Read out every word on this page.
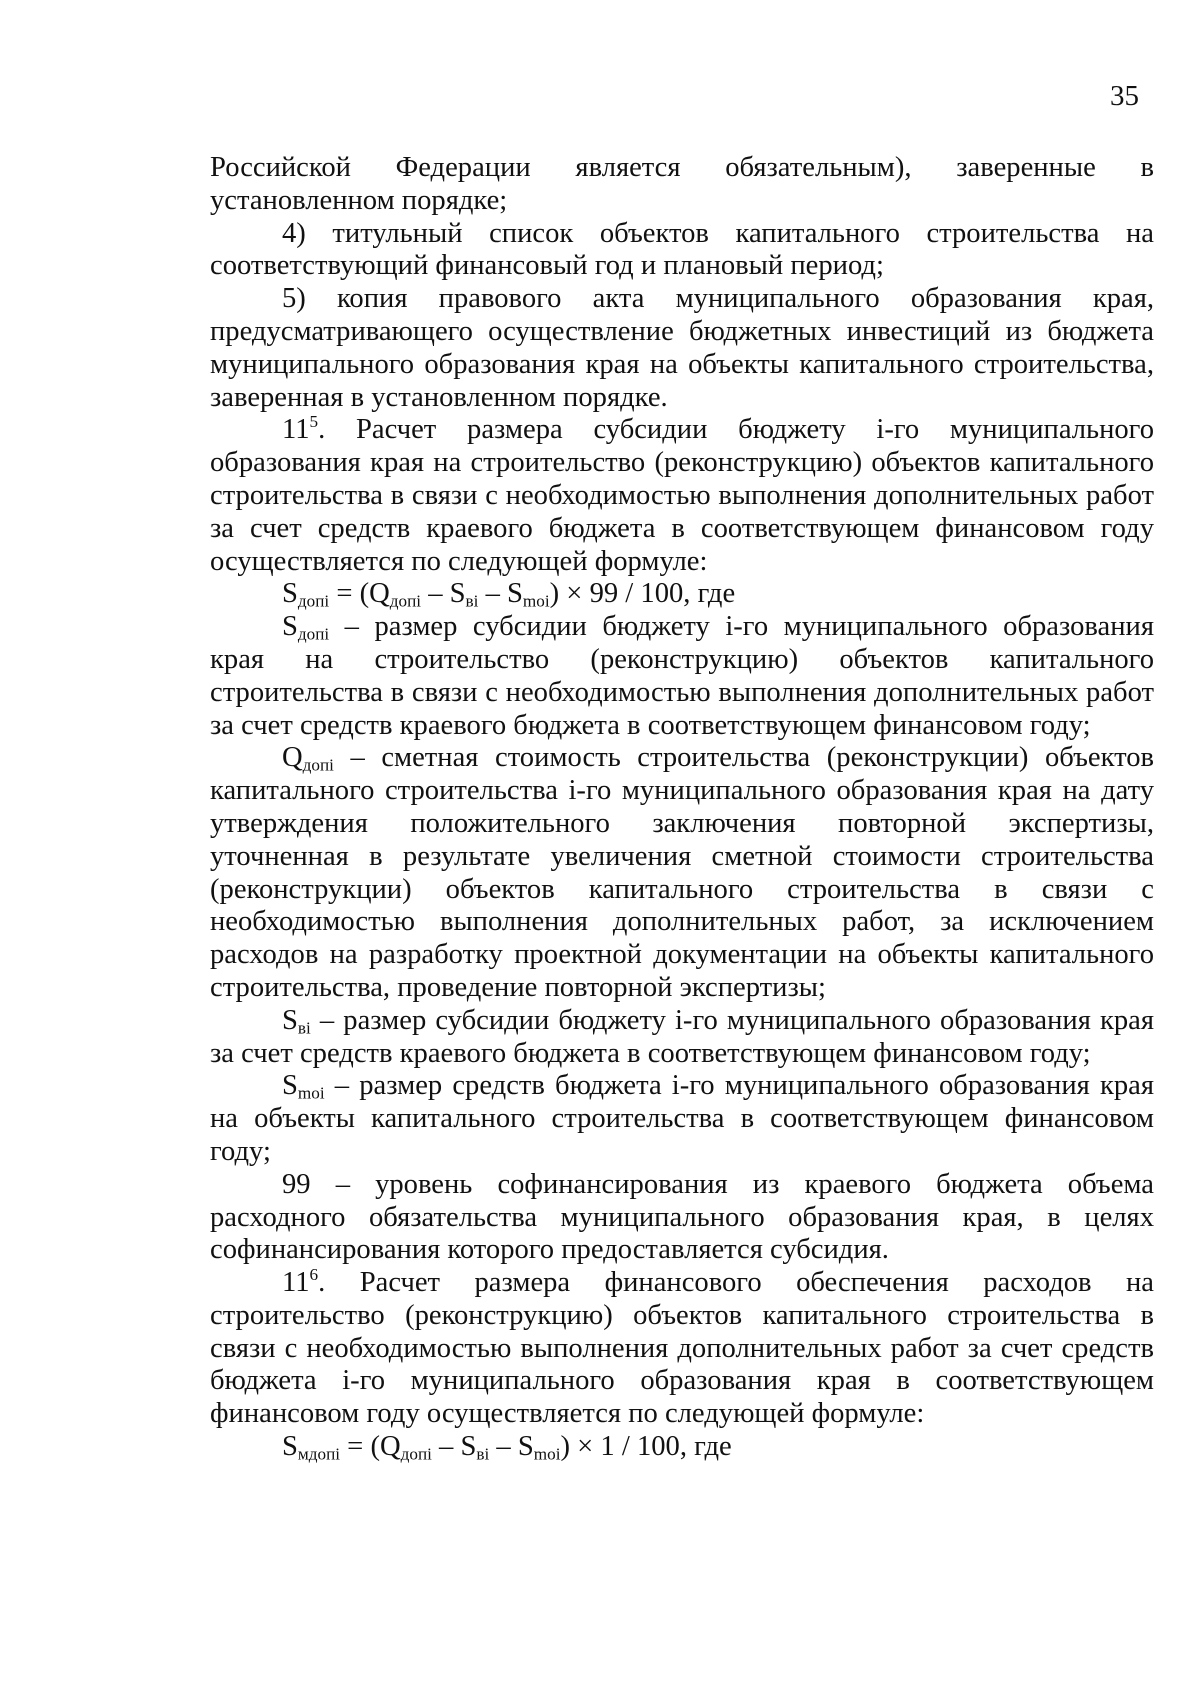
35

Российской Федерации является обязательным), заверенные в установленном порядке;

4) титульный список объектов капитального строительства на соответствующий финансовый год и плановый период;

5) копия правового акта муниципального образования края, предусматривающего осуществление бюджетных инвестиций из бюджета муниципального образования края на объекты капитального строительства, заверенная в установленном порядке.

$11^5$. Расчет размера субсидии бюджету i-го муниципального образования края на строительство (реконструкцию) объектов капитального строительства в связи с необходимостью выполнения дополнительных работ за счет средств краевого бюджета в соответствующем финансовом году осуществляется по следующей формуле:

$S_{допi} = (Q_{допi} - S_{вi} - S_{moi}) \times 99 / 100$, где

$S_{допi}$ – размер субсидии бюджету i-го муниципального образования края на строительство (реконструкцию) объектов капитального строительства в связи с необходимостью выполнения дополнительных работ за счет средств краевого бюджета в соответствующем финансовом году;

$Q_{допi}$ – сметная стоимость строительства (реконструкции) объектов капитального строительства i-го муниципального образования края на дату утверждения положительного заключения повторной экспертизы, уточненная в результате увеличения сметной стоимости строительства (реконструкции) объектов капитального строительства в связи с необходимостью выполнения дополнительных работ, за исключением расходов на разработку проектной документации на объекты капитального строительства, проведение повторной экспертизы;

$S_{вi}$ – размер субсидии бюджету i-го муниципального образования края за счет средств краевого бюджета в соответствующем финансовом году;

$S_{moi}$ – размер средств бюджета i-го муниципального образования края на объекты капитального строительства в соответствующем финансовом году;

99 – уровень софинансирования из краевого бюджета объема расходного обязательства муниципального образования края, в целях софинансирования которого предоставляется субсидия.

$11^6$. Расчет размера финансового обеспечения расходов на строительство (реконструкцию) объектов капитального строительства в связи с необходимостью выполнения дополнительных работ за счет средств бюджета i-го муниципального образования края в соответствующем финансовом году осуществляется по следующей формуле:

$S_{мдопi} = (Q_{допi} - S_{вi} - S_{moi}) \times 1 / 100$, где
